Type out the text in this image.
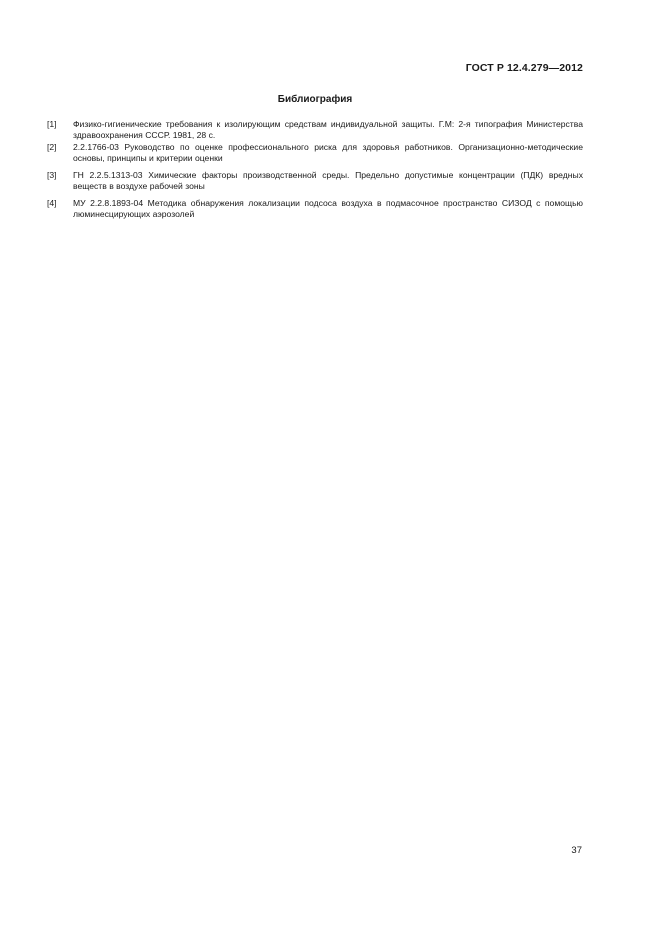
ГОСТ Р 12.4.279—2012
Библиография
[1]	Физико-гигиенические требования к изолирующим средствам индивидуальной защиты. Г.М: 2-я типография Министерства здравоохранения СССР. 1981, 28 с.
[2]	2.2.1766-03 Руководство по оценке профессионального риска для здоровья работников. Организационно-методические основы, принципы и критерии оценки
[3]	ГН 2.2.5.1313-03 Химические факторы производственной среды. Предельно допустимые концентрации (ПДК) вредных веществ в воздухе рабочей зоны
[4]	МУ 2.2.8.1893-04 Методика обнаружения локализации подсоса воздуха в подмасочное пространство СИЗОД с помощью люминесцирующих аэрозолей
37
